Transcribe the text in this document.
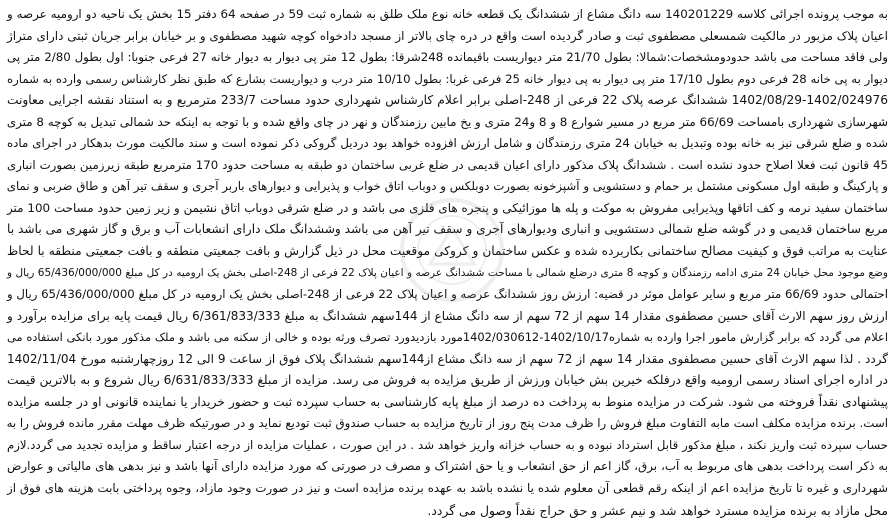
به موجب پرونده اجرائی کلاسه 140201229 سه دانگ مشاع از ششدانگ یک قطعه خانه نوع ملک طلق به شماره ثبت 59 در صفحه 64 دفتر 15 بخش یک ناحیه دو ارومیه عرصه و
اعیان پلاک مزبور در مالکیت شمسعلی مصطفوی ثبت و صادر گردیده است واقع در دره چای بالاتر از مسجد دادخواه کوچه شهید مصطفوی و بر خیابان برابر جریان ثبتی دارای متراژ
ولی فاقد مساحت می باشد حدودومشخصات:شمالا: بطول 21/70 متر دیواریست باقیمانده 248شرقا: بطول 12 متر پی دیوار به دیوار خانه 27 فرعی جنوبا: اول بطول 2/80 متر پی
دیوار به پی خانه 28 فرعی دوم بطول 17/10 متر پی دیوار به پی دیوار خانه 25 فرعی غربا: بطول 10/10 متر درب و دیواریست بشارع که طبق نظر کارشناس رسمی وارده به شماره
1402/08/29-1402/024976 ششدانگ عرصه پلاک 22 فرعی از 248-اصلی برابر اعلام کارشناس شهرداری حدود مساحت 233/7 مترمربع و به استناد نقشه اجرایی معاونت
شهرسازی شهرداری بامساحت 66/69 متر مربع در مسیر شوارع 8 و 8 و24 متری و یخ مابین رزمندگان و نهر در چای واقع شده و با توجه به اینکه حد شمالی تبدیل به کوچه 8 متری
شده و ضلع شرقی نیز به خانه بوده وتبدیل به خیابان 24 متری رزمندگان و شامل ارزش افزوده خواهد بود دردیل گروکی ذکر نموده است و سند مالکیت مورث بدهکار در اجرای ماده
45 قانون ثبت فعلا اصلاح حدود نشده است . ششدانگ پلاک مذکور دارای اعیان قدیمی در ضلع غربی ساختمان دو طبقه به مساحت حدود 170 مترمربع طبقه زیرزمین بصورت انباری
و پارکینگ و طبقه اول مسکونی مشتمل بر حمام و دستشویی و آشپزخونه بصورت دوبلکس و دوباب اتاق خواب و پذیرایی و دیوارهای باربر آجری و سقف تیر آهن و طاق ضربی و نمای
ساختمان سفید نرمه و کف اتاقها وپذیرایی مفروش به موکت و پله ها موزائیکی و پنجره های فلزی می باشد و در ضلع شرقی دوباب اتاق نشیمن و زیر زمین حدود مساحت 100 متر
مربع ساختمان قدیمی و در گوشه ضلع شمالی دستشویی و انباری ودیوارهای آجری و سقف تیر آهن می باشد وششدانگ ملک دارای انشعابات آب و برق و گاز شهری می باشد با
عنایت به مراتب فوق و کیفیت مصالح ساختمانی بکاربرده شده و عکس ساختمان و کروکی موقعیت محل در ذیل گزارش و بافت جمعیتی منطقه و بافت جمعیتی منطقه با لحاظ
وضع موجود محل خیابان 24 متری ادامه رزمندگان و کوچه 8 متری درضلع شمالی با مساحت ششدانگ عرصه و اعیان پلاک 22 فرعی از 248-اصلی بخش یک ارومیه در کل مبلغ 65/436/000/000 ریال و
احتمالی حدود 66/69 متر مربع و سایر عوامل موثر در قضیه: ارزش روز ششدانگ عرصه و اعیان پلاک 22 فرعی از 248-اصلی بخش یک ارومیه در کل مبلغ 65/436/000/000 ریال و
ارزش روز سهم الارث آقای حسین مصطفوی مقدار 14 سهم از 72 سهم از سه دانگ مشاع از 144سهم ششدانگ به مبلغ 6/361/833/333 ریال قیمت پایه برای مزایده برآورد و
اعلام می گردد که برابر گزارش مامور اجرا وارده به شماره1402/10/17-1402/030612مورد بازدیدورد تصرف ورثه بوده و خالی از سکنه می باشد و ملک مذکور مورد بانکی استفاده می
گردد . لذا سهم الارث آقای حسین مصطفوی مقدار 14 سهم از 72 سهم از سه دانگ مشاع از144سهم ششدانگ پلاک فوق از ساعت 9 الی 12 روزچهارشنبه مورخ 1402/11/04
در اداره اجرای اسناد رسمی ارومیه واقع درفلکه خیرین بش خیابان ورزش از طریق مزایده به فروش می رسد. مزایده از مبلغ 6/631/833/333 ریال شروع و به بالاترین قیمت
پیشنهادی نقداً فروخته می شود. شرکت در مزایده منوط به پرداخت ده درصد از مبلغ پایه کارشناسی به حساب سپرده ثبت و حضور خریدار یا نماینده قانونی او در جلسه مزایده
است. برنده مزایده مکلف است مابه التفاوت مبلغ فروش را ظرف مدت پنج روز از تاریخ مزایده به حساب صندوق ثبت تودیع نماید و در صورتیکه ظرف مهلت مقرر مانده فروش را به
حساب سپرده ثبت واریز نکند ، مبلغ مذکور قابل استرداد نبوده و به حساب خزانه واریز خواهد شد . در این صورت ، عملیات مزایده از درجه اعتبار ساقط و مزایده تجدید می گردد.لازم
به ذکر است پرداخت بدهی های مربوط به آب، برق، گاز اعم از حق انشعاب و یا حق اشتراک و مصرف در صورتی که مورد مزایده دارای آنها باشد و نیز بدهی های مالیاتی و عوارض
شهرداری و غیره تا تاریخ مزایده اعم از اینکه رقم قطعی آن معلوم شده یا نشده باشد به عهده برنده مزایده است و نیز در صورت وجود مازاد، وجوه پرداختی بابت هزینه های فوق از
محل مازاد به برنده مزایده مسترد خواهد شد و نیم عشر و حق حراج نقداً وصول می گردد.
